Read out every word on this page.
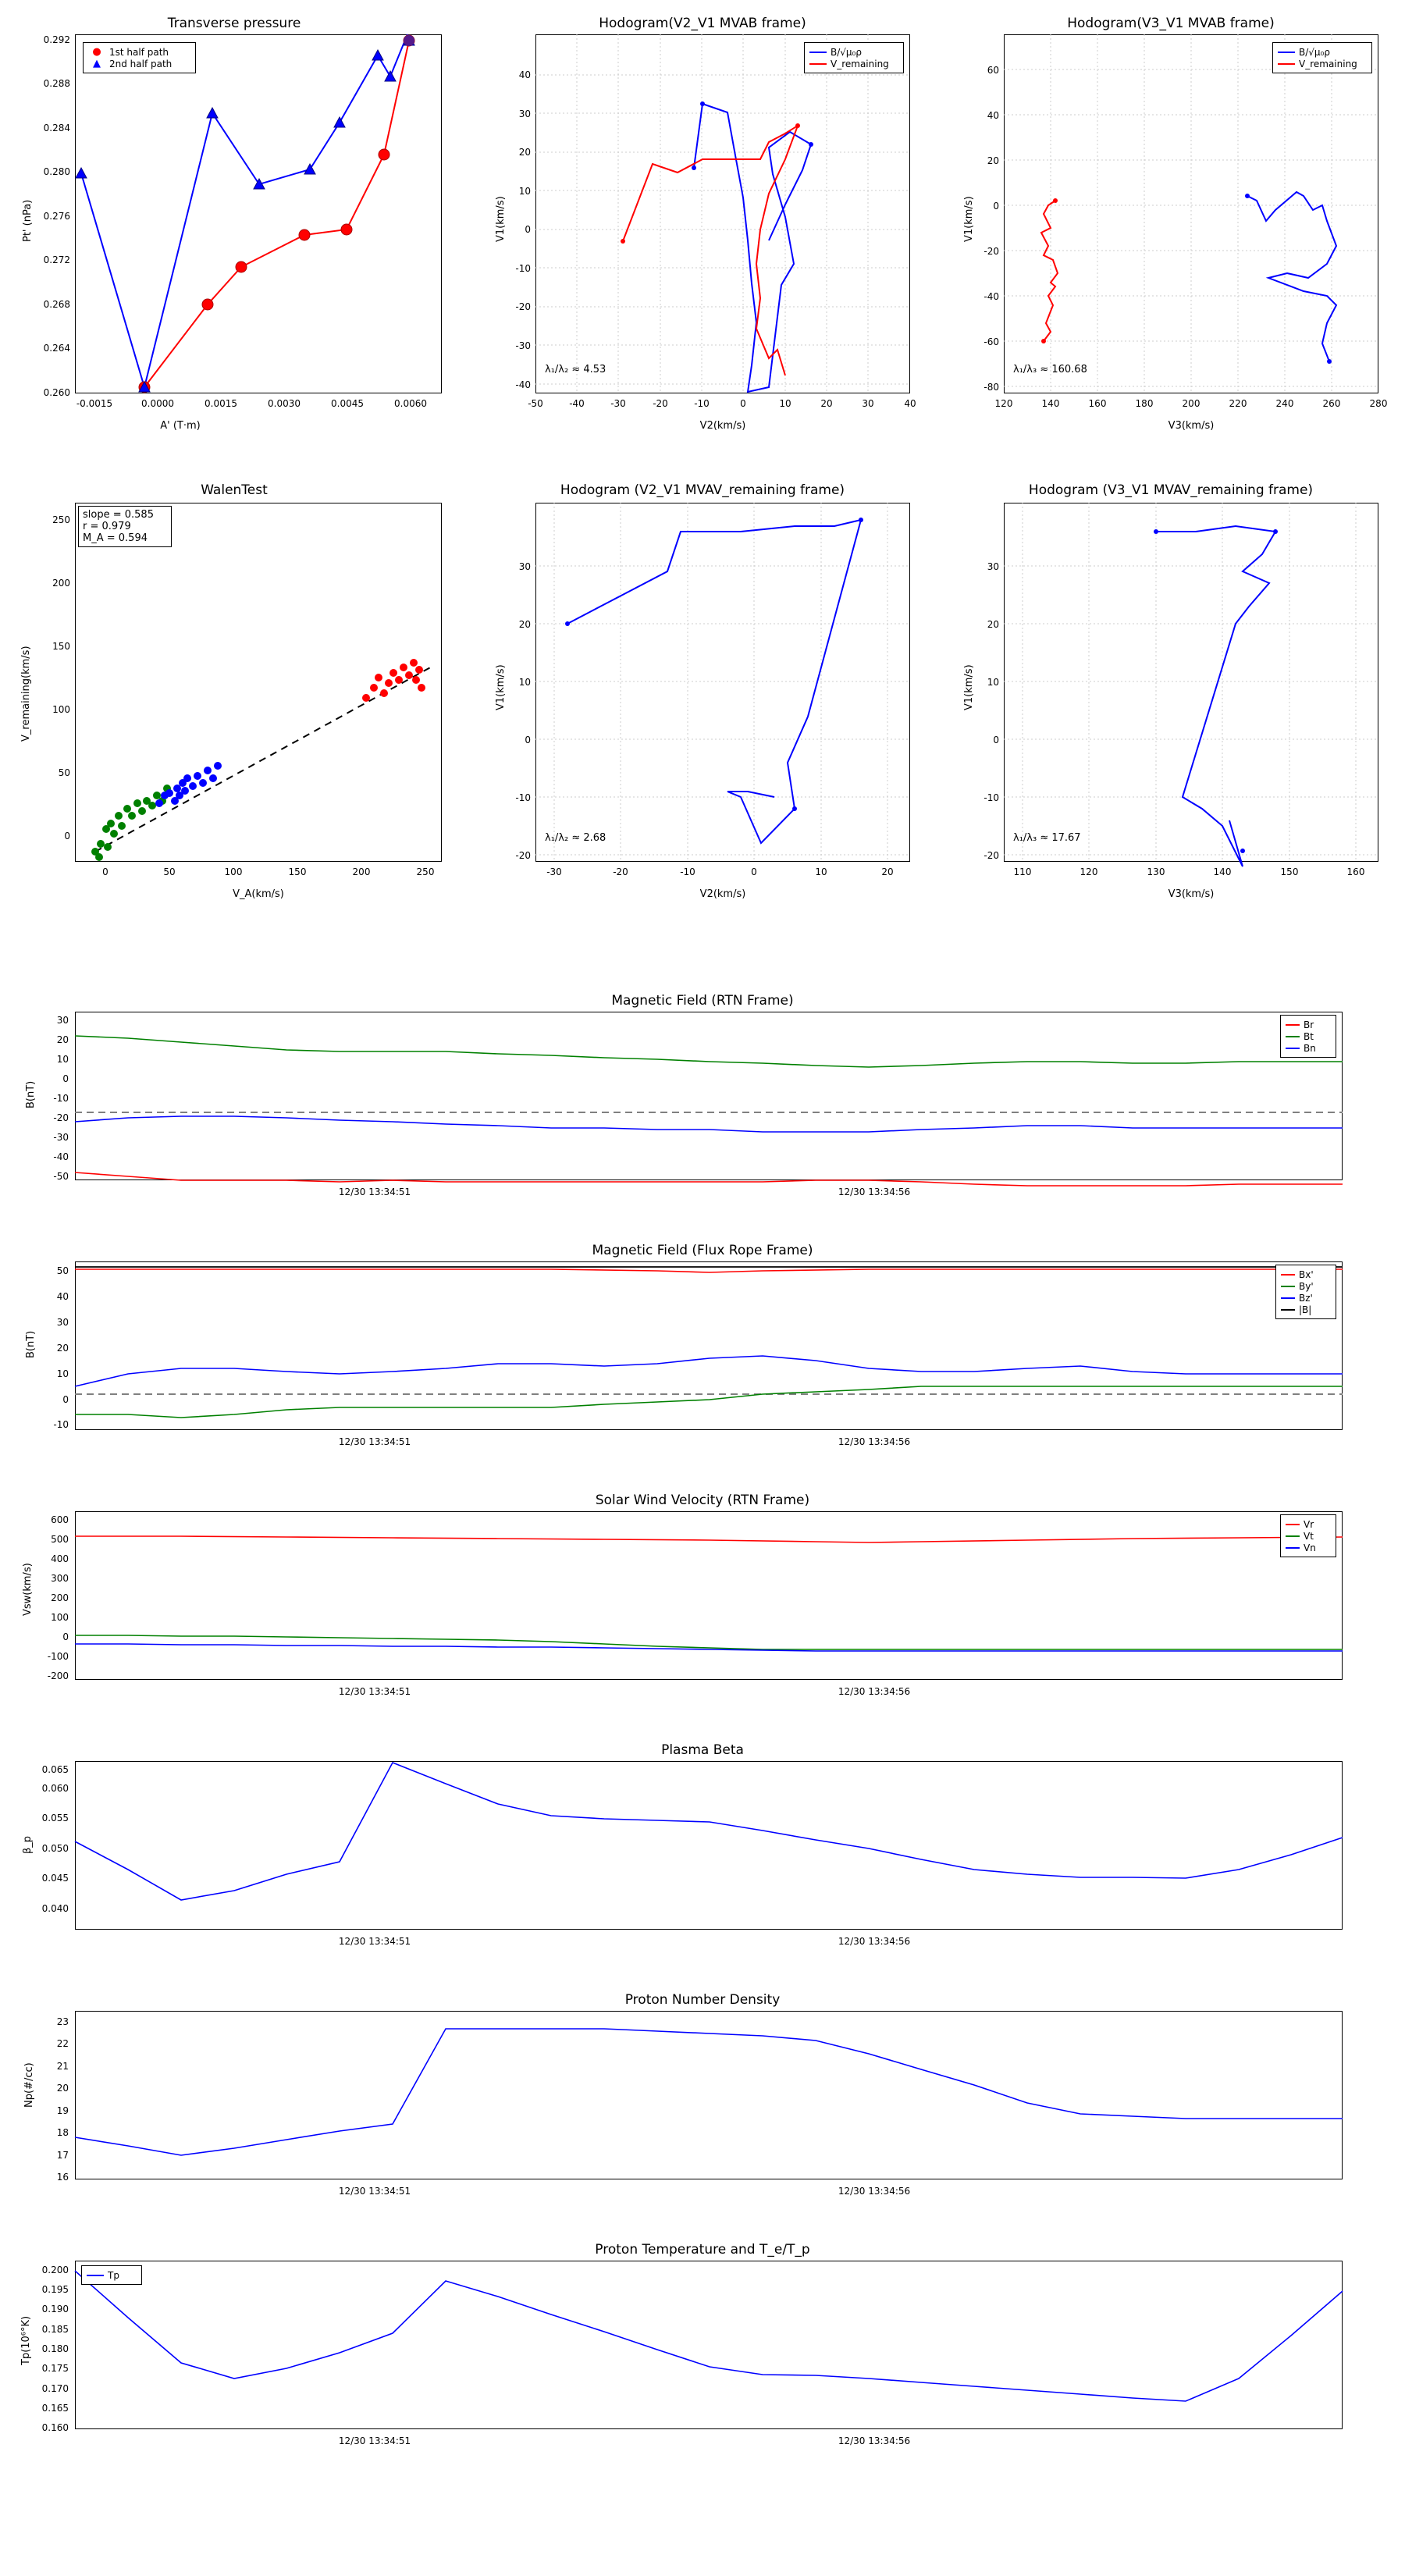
Transverse pressure
Pt' (nPa)
A' (T·m)
0.260
0.264
0.268
0.272
0.276
0.280
0.284
0.288
0.292
-0.0015	0.0000	0.0015	0.0030	0.0045	0.0060
● 1st half path
▲ 2nd half path
Hodogram(V2_V1 MVAB frame)
V1(km/s)
V2(km/s)
-40
-30
-20
-10
0
10
20
30
40
-50	-40	-30	-20	-10	0	10	20	30	40
B/√μ₀ρ
V_remaining
λ₁/λ₂ ≈ 4.53
Hodogram(V3_V1 MVAB frame)
V1(km/s)
V3(km/s)
-80
-60
-40
-20
0
20
40
60
120	140	160	180	200	220	240	260	280
B/√μ₀ρ
V_remaining
λ₁/λ₃ ≈ 160.68
WalenTest
V_remaining(km/s)
V_A(km/s)
0
50
100
150
200
250
0	50	100	150	200	250
slope = 0.585
r = 0.979
M_A = 0.594
Hodogram (V2_V1 MVAV_remaining frame)
V1(km/s)
V2(km/s)
-20
-10
0
10
20
30
-30	-20	-10	0	10	20
λ₁/λ₂ ≈ 2.68
Hodogram (V3_V1 MVAV_remaining frame)
V1(km/s)
V3(km/s)
-20
-10
0
10
20
30
110	120	130	140	150	160
λ₁/λ₃ ≈ 17.67
Magnetic Field (RTN Frame)
B(nT)
-50
-40
-30
-20
-10
0
10
20
30
12/30 13:34:51	12/30 13:34:56
Br
Bt
Bn
Magnetic Field (Flux Rope Frame)
B(nT)
-10
0
10
20
30
40
50
12/30 13:34:51	12/30 13:34:56
Bx'
By'
Bz'
|B|
Solar Wind Velocity (RTN Frame)
Vsw(km/s)
-200
-100
0
100
200
300
400
500
600
12/30 13:34:51	12/30 13:34:56
Vr
Vt
Vn
Plasma Beta
β_p
0.040
0.045
0.050
0.055
0.060
0.065
12/30 13:34:51	12/30 13:34:56
Proton Number Density
Np(#/cc)
16
17
18
19
20
21
22
23
12/30 13:34:51	12/30 13:34:56
Proton Temperature and T_e/T_p
Tp(10⁶°K)
0.160
0.165
0.170
0.175
0.180
0.185
0.190
0.195
0.200
12/30 13:34:51	12/30 13:34:56
Tp
